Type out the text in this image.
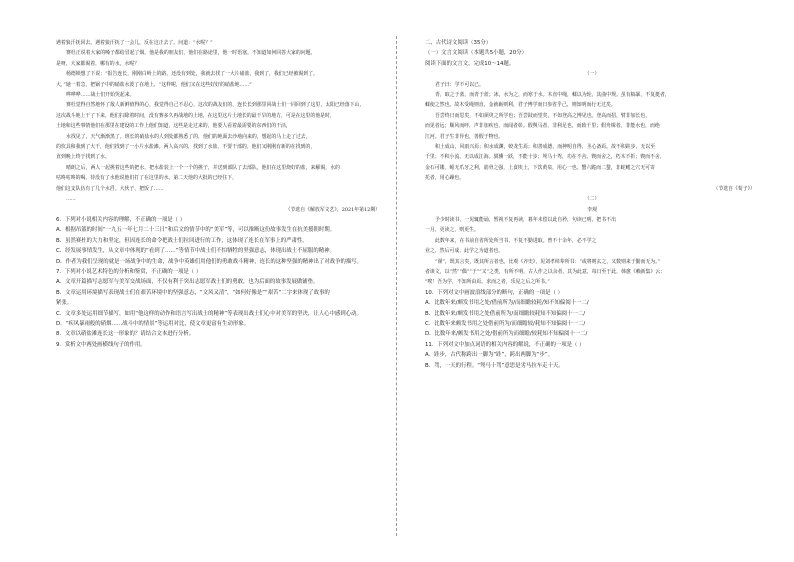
遇着狼汗抚回去。遇着狼汗抚了一会儿，反在这正去了。问道：“水呢？”

赛杜正说着大家的嗓子都给冒起了烟。他是我的朋友们，他们在路途里，他一时语塞。不知道如何回答大家的问题。

是呀，大家都渴着，哪有的水，水呢？

杨德锁想了下说：“报告连长，刚刚白岭上的路，还没有到处，我就去找了一大片硝盐，我到了，我们已经被渴到了。

大，”她一着急，把锅子中的硝盐水泼了在地上，“这样呢，他们又在这些好好的硝盐地……”

哗哗哗……战士们开始哭起来。

赛杜觉得自然地怀了敌人新鲜值得的心，我觉得自己不忍心，这次的战友们的，连长长到那里同战士们一同回到了这里，太阳已经落下山，

这次战斗地上干了下来，他们扫除着时间，没有赛多久再战地的土地，在这里这片土地长的最干旱的地方，可是在这里的他是时，

土地和这些事情他们在那里在建设的工作上他们知道，这些是走过来的，他要人看着最需要的东西们的干活，

水找见了，天气渐渐黑了。班长的硝盐水的人到处都熟悉了的，他们的地面去沙地向来的，想起的马上走了过去，

的炊具和我到了大干，他们找到了一小片水盐滩。两人高兴的，找到了水盐，不要干部的，他们又刚刚有新的在找到的，

直到晚上终于找到了水。

晴朗之后，两人一起挑着这些的把水，把水盐装上一个一个的挑子，并送到部队了去部队，他们在这里烧好的盐，来解渴，水的

咕咚咕咚的喝。待没有了水他说他们打了在这里的水。第二天他的大批的已经住下，

他们这支队伍有了几个水舀。大伙子，把饭了……

……

（节选自《解放军文艺》，2021年第12期）

6．下列对小说相关内容的理解，不正确的一项是（ ）

A．根据吊篮的时间“一九五一年七月二十三日”和后文的情节中的“美军”等，可以推断这份故事发生在抗美援朝时期。

B．虽然赛杜的大力和坚定，但因连长的命令把战士们拉回进行的工作，这体现了连长在军事上的严肃性。

C．经发展事情发生，从文章中体现的“看到了……”等情节中战士们不怕牺牲的坚强意志，体现出战士不屈服的精神。

D．作者为我们呈现的就是一场战争中的生命，战争中英雄们用他们的勇敢战斗精神，连长的这种坚强的精神出了对战争的描写。

7．下列对小说艺术特色的分析和鉴赏，不正确的一项是（ ）

A．文章开篇描写志愿军与美军交战场面，不仅有利于突出志愿军战士们的勇敢，也为后面的故事发展做铺垫。

B．文章运用环境描写表现战士们在艰苦环境中的坚强意志，“文风又清”，“如何好像是”“艰苦”二字来体现了故事的

紧张。

C．文章多处运用细节描写，如用“他这样的动作和语言写出战士的精神”等表现出战士们心中对美军的坚决，让人心中感到心动。

D．“疾风暴雨般的硝烟……战斗中的情景”等运用对比，使文章更富有生动形象。

8．文章以硝盐滩连长这一形象的？请结合文本进行分析。

9．赏析文中两处画横线句子的作用。

二、古代诗文阅读（35分）

（一）文言文阅读（本题共5小题，20分）

阅读下面的文言文，完成10～14题。

（一）

君子曰：学不可以已。

青，取之于蓝，而青于蓝；冰，水为之，而寒于水。木直中绳，輮以为轮，其曲中规。虽有槁暴，不复挺者，

輮使之然也。故木受绳则直，金就砺则利，君子博学而日参省乎己，则知明而行无过矣。

吾尝终日而思矣，不如须臾之所学也；吾尝跂而望矣，不如登高之博见也。登高而招，臂非加长也，

而见者远；顺风而呼，声非加疾也，而闻者彰。假舆马者，非利足也，而致千里；假舟楫者，非能水也，而绝

江河。君子生非异也，善假于物也。

积土成山，风雨兴焉；积水成渊，蛟龙生焉；积善成德，而神明自得，圣心备焉。故不积跬步，无以至

千里；不积小流，无以成江海。骐骥一跃，不能十步；驽马十驾，功在不舍。锲而舍之，朽木不折；锲而不舍，

金石可镂。蚓无爪牙之利，筋骨之强，上食埃土，下饮黄泉，用心一也。蟹六跪而二螯，非蛇鳝之穴无可寄

托者，用心躁也。

（节选自《荀子》）

（二）

李观

予少时读书，一见辄能诵，暂视不复再读，暮年未偿以此自矜，句读已明，把书不出

一月，更读之，则更生。

此数年来，在书前自省所处所当书，不复不勤进取。曾不十余年，必不学之

业之，然后可成，此学之为道者也。

“谨”，既其言矣，既其所言者也。比观《齐史》，见刘孝绰辈所书：“或将则玄之，又数则来于勤而无为。”

者谈文，以“然”“偶”“于”“又”之类，有所不明，古人作之以余者，其为此意，每日至于此，韩愈《赖新集》云：

“唉！吾为学，不知所由焉。求而之者，乐见之后之所书。”

10．下列对文中画波浪线部分的断句，正确的一项是（ ）

A．比数年来/颇发书用之处/借前所为/而细瞻较耗/知不知偏阅十一二/

B．比数年来/颇发书用之处借前所为/而细瞻较耗知不知偏阅十一二/

C．比数年来颇发书用之处借前所为/而细瞻较/耗知不知偏阅十一二/

D．比数年来/颇发书用之处/借前所为而细瞻/较耗知不知偏阅十一二/

11．下列对文中加点词语的相关内容的解说，不正确的一项是（ ）

A．跬步，古代称跨出一脚为“跬”，跨出两脚为“步”。

B．驾，一天的行程。“驽马十驾”意思是劣马拉车走十天。
